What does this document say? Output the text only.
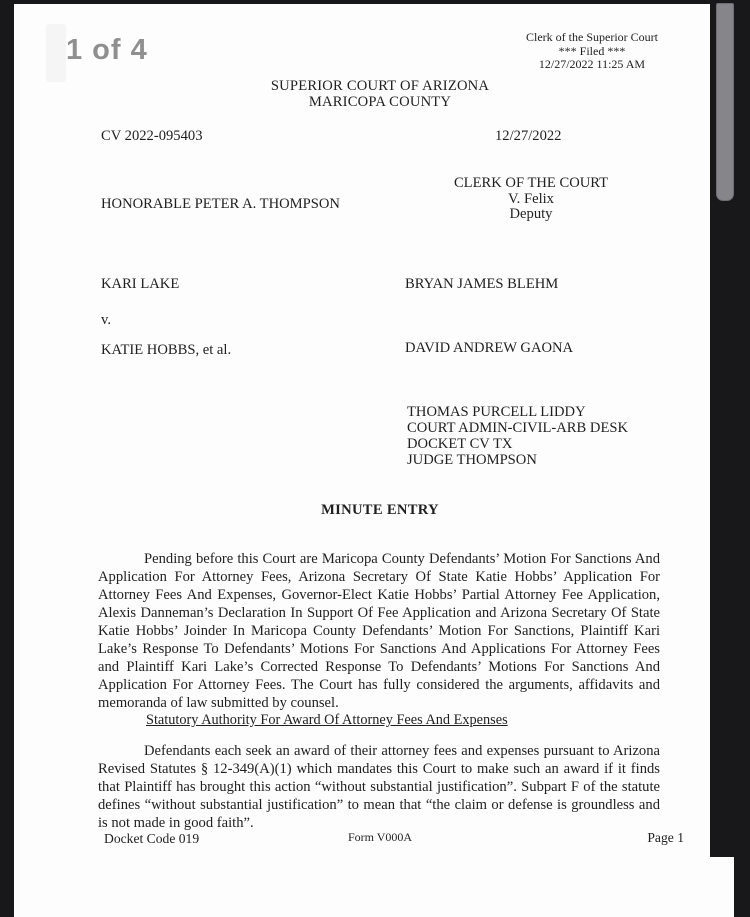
Clerk of the Superior Court
*** Filed ***
12/27/2022 11:25 AM
SUPERIOR COURT OF ARIZONA
MARICOPA COUNTY
CV 2022-095403	12/27/2022
CLERK OF THE COURT
V. Felix
Deputy
HONORABLE PETER A. THOMPSON
KARI LAKE	BRYAN JAMES BLEHM
v.
KATIE HOBBS, et al.	DAVID ANDREW GAONA
THOMAS PURCELL LIDDY
COURT ADMIN-CIVIL-ARB DESK
DOCKET CV TX
JUDGE THOMPSON
MINUTE ENTRY
Pending before this Court are Maricopa County Defendants’ Motion For Sanctions And Application For Attorney Fees, Arizona Secretary Of State Katie Hobbs’ Application For Attorney Fees And Expenses, Governor-Elect Katie Hobbs’ Partial Attorney Fee Application, Alexis Danneman’s Declaration In Support Of Fee Application and Arizona Secretary Of State Katie Hobbs’ Joinder In Maricopa County Defendants’ Motion For Sanctions, Plaintiff Kari Lake’s Response To Defendants’ Motions For Sanctions And Applications For Attorney Fees and Plaintiff Kari Lake’s Corrected Response To Defendants’ Motions For Sanctions And Application For Attorney Fees. The Court has fully considered the arguments, affidavits and memoranda of law submitted by counsel.
Statutory Authority For Award Of Attorney Fees And Expenses
Defendants each seek an award of their attorney fees and expenses pursuant to Arizona Revised Statutes § 12-349(A)(1) which mandates this Court to make such an award if it finds that Plaintiff has brought this action “without substantial justification”. Subpart F of the statute defines “without substantial justification” to mean that “the claim or defense is groundless and is not made in good faith”.
Docket Code 019	Form V000A	Page 1
1 of 4
